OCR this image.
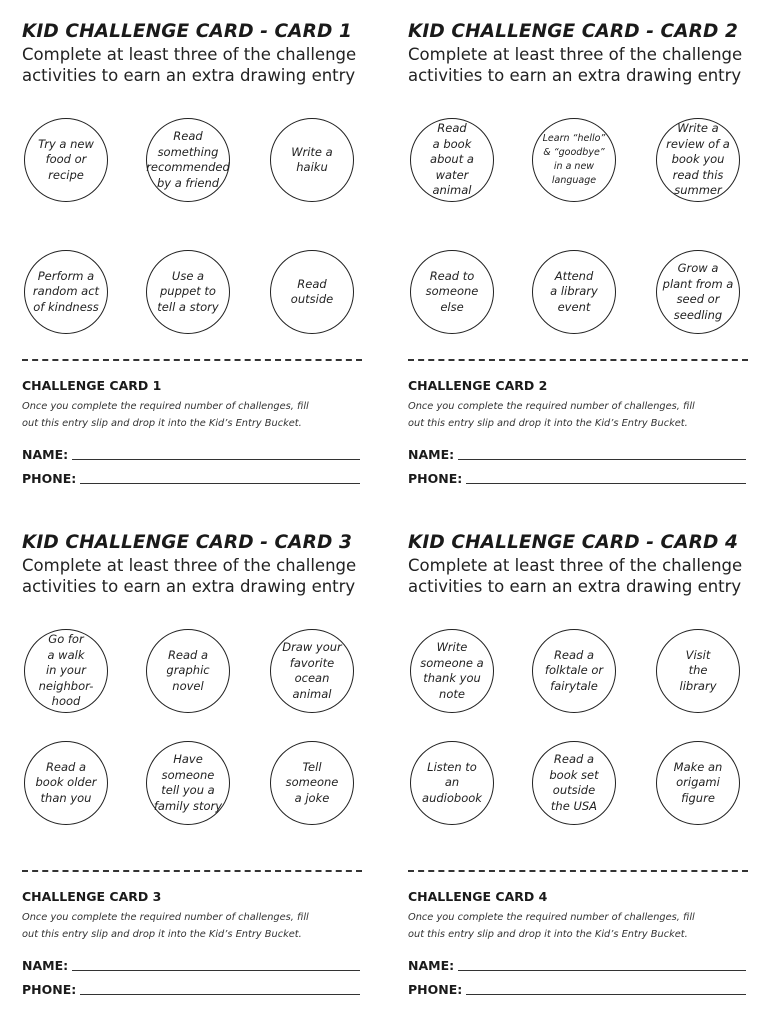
KID CHALLENGE CARD - CARD 1

Complete at least three of the challenge
activities to earn an extra drawing entry

Try a new
food or
recipe
Read
something
recommended
by a friend
Write a
haiku
Perform a
random act
of kindness
Use a
puppet to
tell a story
Read
outside
CHALLENGE CARD 1
Once you complete the required number of challenges, fill
out this entry slip and drop it into the Kid’s Entry Bucket.
NAME:
PHONE:
KID CHALLENGE CARD - CARD 2

Complete at least three of the challenge
activities to earn an extra drawing entry

Read
a book
about a
water
animal
Learn “hello”
& “goodbye”
in a new
language
Write a
review of a
book you
read this
summer
Read to
someone
else
Attend
a library
event
Grow a
plant from a
seed or
seedling
CHALLENGE CARD 2
Once you complete the required number of challenges, fill
out this entry slip and drop it into the Kid’s Entry Bucket.
NAME:
PHONE:
KID CHALLENGE CARD - CARD 3

Complete at least three of the challenge
activities to earn an extra drawing entry

Go for
a walk
in your
neighbor-
hood
Read a
graphic
novel
Draw your
favorite
ocean
animal
Read a
book older
than you
Have
someone
tell you a
family story
Tell
someone
a joke
CHALLENGE CARD 3
Once you complete the required number of challenges, fill
out this entry slip and drop it into the Kid’s Entry Bucket.
NAME:
PHONE:
KID CHALLENGE CARD - CARD 4

Complete at least three of the challenge
activities to earn an extra drawing entry

Write
someone a
thank you
note
Read a
folktale or
fairytale
Visit
the
library
Listen to
an
audiobook
Read a
book set
outside
the USA
Make an
origami
figure
CHALLENGE CARD 4
Once you complete the required number of challenges, fill
out this entry slip and drop it into the Kid’s Entry Bucket.
NAME:
PHONE:
